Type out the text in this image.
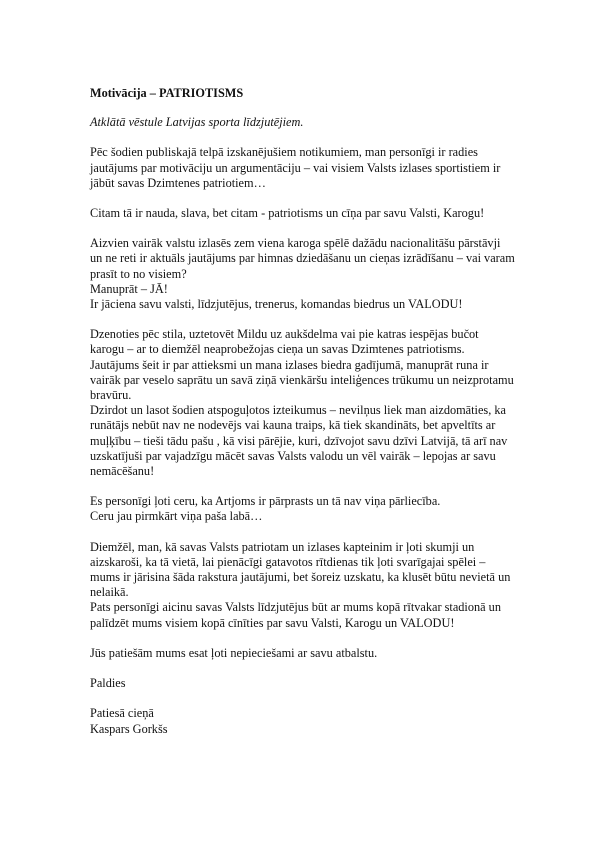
Motivācija – PATRIOTISMS

Atklātā vēstule Latvijas sporta līdzjutējiem.

Pēc šodien publiskajā telpā izskanējušiem notikumiem, man personīgi ir radies
jautājums par motivāciju un argumentāciju – vai visiem Valsts izlases sportistiem ir
jābūt savas Dzimtenes patriotiem…

Citam tā ir nauda, slava, bet citam - patriotisms un cīņa par savu Valsti, Karogu!

Aizvien vairāk valstu izlasēs zem viena karoga spēlē dažādu nacionalitāšu pārstāvji
un ne reti ir aktuāls jautājums par himnas dziedāšanu un cieņas izrādīšanu – vai varam
prasīt to no visiem?
Manuprāt – JĀ!
Ir jāciena savu valsti, līdzjutējus, trenerus, komandas biedrus un VALODU!

Dzenoties pēc stila, uztetovēt Mildu uz aukšdelma vai pie katras iespējas bučot
karogu – ar to diemžēl neaprobežojas cieņa un savas Dzimtenes patriotisms.
Jautājums šeit ir par attieksmi un mana izlases biedra gadījumā, manuprāt runa ir
vairāk par veselo saprātu un savā ziņā vienkāršu inteliģences trūkumu un neizprotamu
bravūru.
Dzirdot un lasot šodien atspoguļotos izteikumus – nevilņus liek man aizdomāties, ka
runātājs nebūt nav ne nodevējs vai kauna traips, kā tiek skandināts, bet apveltīts ar
muļķību – tieši tādu pašu , kā visi pārējie, kuri, dzīvojot savu dzīvi Latvijā, tā arī nav
uzskatījuši par vajadzīgu mācēt savas Valsts valodu un vēl vairāk – lepojas ar savu
nemācēšanu!

Es personīgi ļoti ceru, ka Artjoms ir pārprasts un tā nav viņa pārliecība.
Ceru jau pirmkārt viņa paša labā…

Diemžēl, man, kā savas Valsts patriotam un izlases kapteinim ir ļoti skumji un
aizskaroši, ka tā vietā, lai pienācīgi gatavotos rītdienas tik ļoti svarīgajai spēlei –
mums ir jārisina šāda rakstura jautājumi, bet šoreiz uzskatu, ka klusēt būtu nevietā un
nelaikā.
Pats personīgi aicinu savas Valsts līdzjutējus būt ar mums kopā rītvakar stadionā un
palīdzēt mums visiem kopā cīnīties par savu Valsti, Karogu un VALODU!

Jūs patiešām mums esat ļoti nepieciešami ar savu atbalstu.

Paldies

Patiesā cieņā
Kaspars Gorkšs
